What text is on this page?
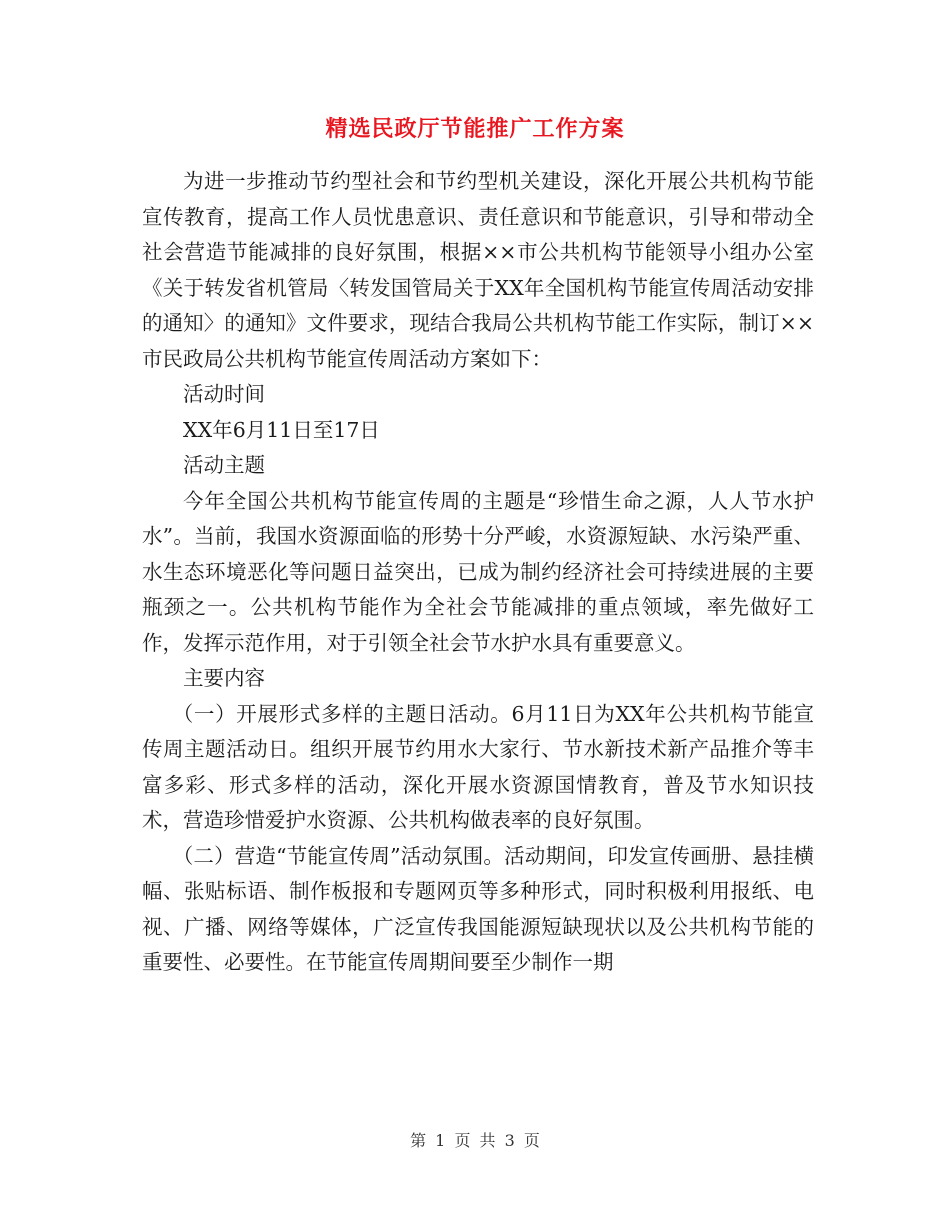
精选民政厅节能推广工作方案

为进一步推动节约型社会和节约型机关建设，深化开展公共机构节能宣传教育，提高工作人员忧患意识、责任意识和节能意识，引导和带动全社会营造节能减排的良好氛围，根据××市公共机构节能领导小组办公室《关于转发省机管局〈转发国管局关于XX年全国机构节能宣传周活动安排的通知〉的通知》文件要求，现结合我局公共机构节能工作实际，制订××市民政局公共机构节能宣传周活动方案如下：

活动时间

XX年6月11日至17日

活动主题

今年全国公共机构节能宣传周的主题是“珍惜生命之源，人人节水护水”。当前，我国水资源面临的形势十分严峻，水资源短缺、水污染严重、水生态环境恶化等问题日益突出，已成为制约经济社会可持续进展的主要瓶颈之一。公共机构节能作为全社会节能减排的重点领域，率先做好工作，发挥示范作用，对于引领全社会节水护水具有重要意义。

主要内容

（一）开展形式多样的主题日活动。6月11日为XX年公共机构节能宣传周主题活动日。组织开展节约用水大家行、节水新技术新产品推介等丰富多彩、形式多样的活动，深化开展水资源国情教育，普及节水知识技术，营造珍惜爱护水资源、公共机构做表率的良好氛围。

（二）营造“节能宣传周”活动氛围。活动期间，印发宣传画册、悬挂横幅、张贴标语、制作板报和专题网页等多种形式，同时积极利用报纸、电视、广播、网络等媒体，广泛宣传我国能源短缺现状以及公共机构节能的重要性、必要性。在节能宣传周期间要至少制作一期

第 1 页 共 3 页
